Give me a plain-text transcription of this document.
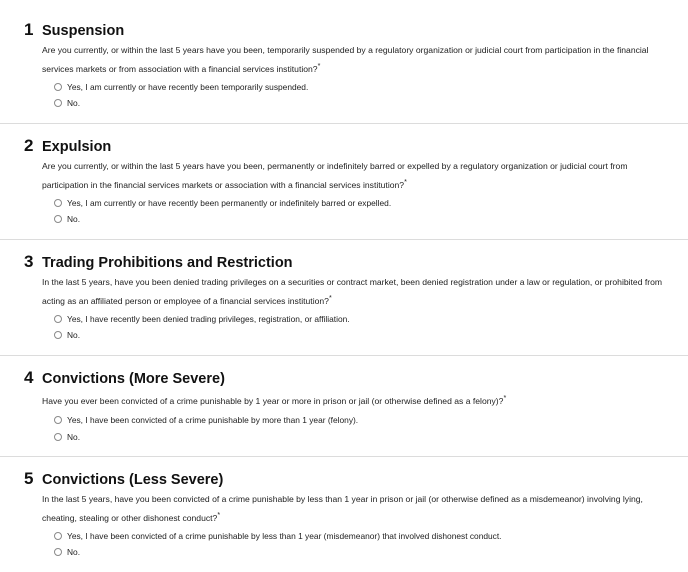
1 Suspension
Are you currently, or within the last 5 years have you been, temporarily suspended by a regulatory organization or judicial court from participation in the financial services markets or from association with a financial services institution?*
Yes, I am currently or have recently been temporarily suspended.
No.
2 Expulsion
Are you currently, or within the last 5 years have you been, permanently or indefinitely barred or expelled by a regulatory organization or judicial court from participation in the financial services markets or association with a financial services institution?*
Yes, I am currently or have recently been permanently or indefinitely barred or expelled.
No.
3 Trading Prohibitions and Restriction
In the last 5 years, have you been denied trading privileges on a securities or contract market, been denied registration under a law or regulation, or prohibited from acting as an affiliated person or employee of a financial services institution?*
Yes, I have recently been denied trading privileges, registration, or affiliation.
No.
4 Convictions (More Severe)
Have you ever been convicted of a crime punishable by 1 year or more in prison or jail (or otherwise defined as a felony)?*
Yes, I have been convicted of a crime punishable by more than 1 year (felony).
No.
5 Convictions (Less Severe)
In the last 5 years, have you been convicted of a crime punishable by less than 1 year in prison or jail (or otherwise defined as a misdemeanor) involving lying, cheating, stealing or other dishonest conduct?*
Yes, I have been convicted of a crime punishable by less than 1 year (misdemeanor) that involved dishonest conduct.
No.
